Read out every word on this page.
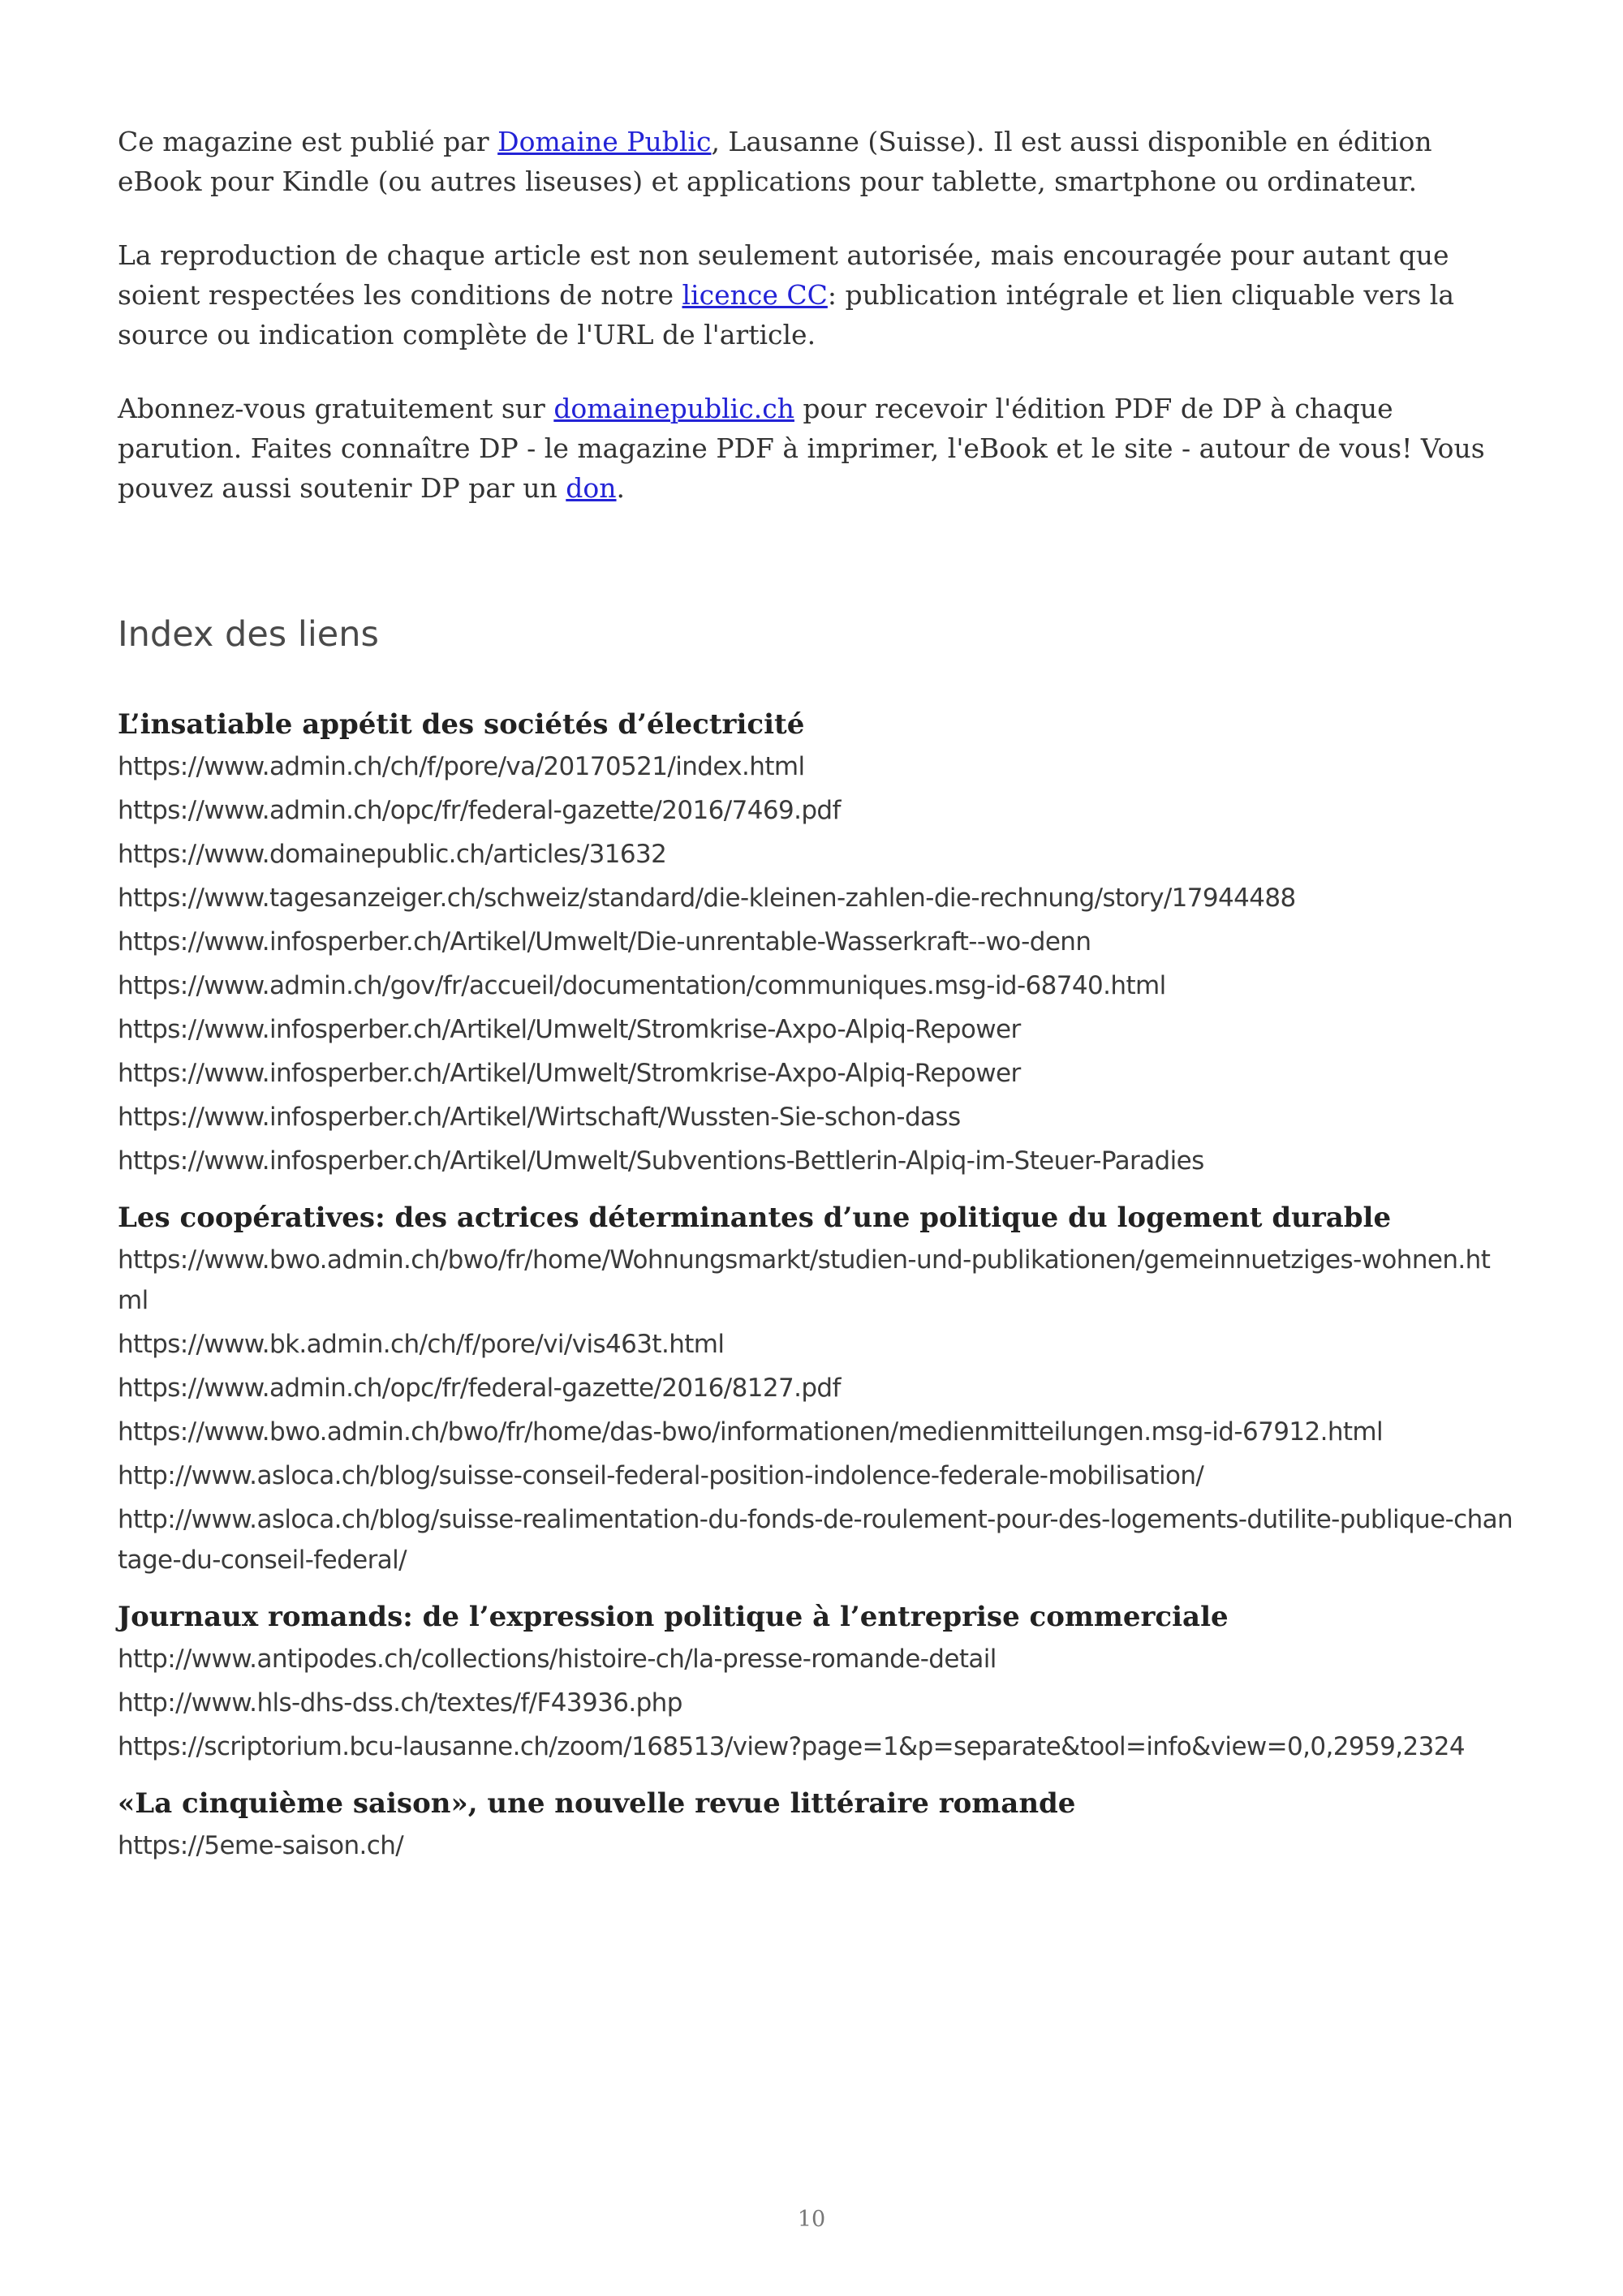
Ce magazine est publié par Domaine Public, Lausanne (Suisse). Il est aussi disponible en édition eBook pour Kindle (ou autres liseuses) et applications pour tablette, smartphone ou ordinateur.

La reproduction de chaque article est non seulement autorisée, mais encouragée pour autant que soient respectées les conditions de notre licence CC: publication intégrale et lien cliquable vers la source ou indication complète de l'URL de l'article.

Abonnez-vous gratuitement sur domainepublic.ch pour recevoir l'édition PDF de DP à chaque parution. Faites connaître DP - le magazine PDF à imprimer, l'eBook et le site - autour de vous! Vous pouvez aussi soutenir DP par un don.

Index des liens
L’insatiable appétit des sociétés d’électricité
https://www.admin.ch/ch/f/pore/va/20170521/index.html
https://www.admin.ch/opc/fr/federal-gazette/2016/7469.pdf
https://www.domainepublic.ch/articles/31632
https://www.tagesanzeiger.ch/schweiz/standard/die-kleinen-zahlen-die-rechnung/story/17944488
https://www.infosperber.ch/Artikel/Umwelt/Die-unrentable-Wasserkraft--wo-denn
https://www.admin.ch/gov/fr/accueil/documentation/communiques.msg-id-68740.html
https://www.infosperber.ch/Artikel/Umwelt/Stromkrise-Axpo-Alpiq-Repower
https://www.infosperber.ch/Artikel/Umwelt/Stromkrise-Axpo-Alpiq-Repower
https://www.infosperber.ch/Artikel/Wirtschaft/Wussten-Sie-schon-dass
https://www.infosperber.ch/Artikel/Umwelt/Subventions-Bettlerin-Alpiq-im-Steuer-Paradies
Les coopératives: des actrices déterminantes d’une politique du logement durable
https://www.bwo.admin.ch/bwo/fr/home/Wohnungsmarkt/studien-und-publikationen/gemeinnuetziges-wohnen.html
https://www.bk.admin.ch/ch/f/pore/vi/vis463t.html
https://www.admin.ch/opc/fr/federal-gazette/2016/8127.pdf
https://www.bwo.admin.ch/bwo/fr/home/das-bwo/informationen/medienmitteilungen.msg-id-67912.html
http://www.asloca.ch/blog/suisse-conseil-federal-position-indolence-federale-mobilisation/
http://www.asloca.ch/blog/suisse-realimentation-du-fonds-de-roulement-pour-des-logements-dutilite-publique-chantage-du-conseil-federal/
Journaux romands: de l’expression politique à l’entreprise commerciale
http://www.antipodes.ch/collections/histoire-ch/la-presse-romande-detail
http://www.hls-dhs-dss.ch/textes/f/F43936.php
https://scriptorium.bcu-lausanne.ch/zoom/168513/view?page=1&p=separate&tool=info&view=0,0,2959,2324
«La cinquième saison», une nouvelle revue littéraire romande
https://5eme-saison.ch/
10
